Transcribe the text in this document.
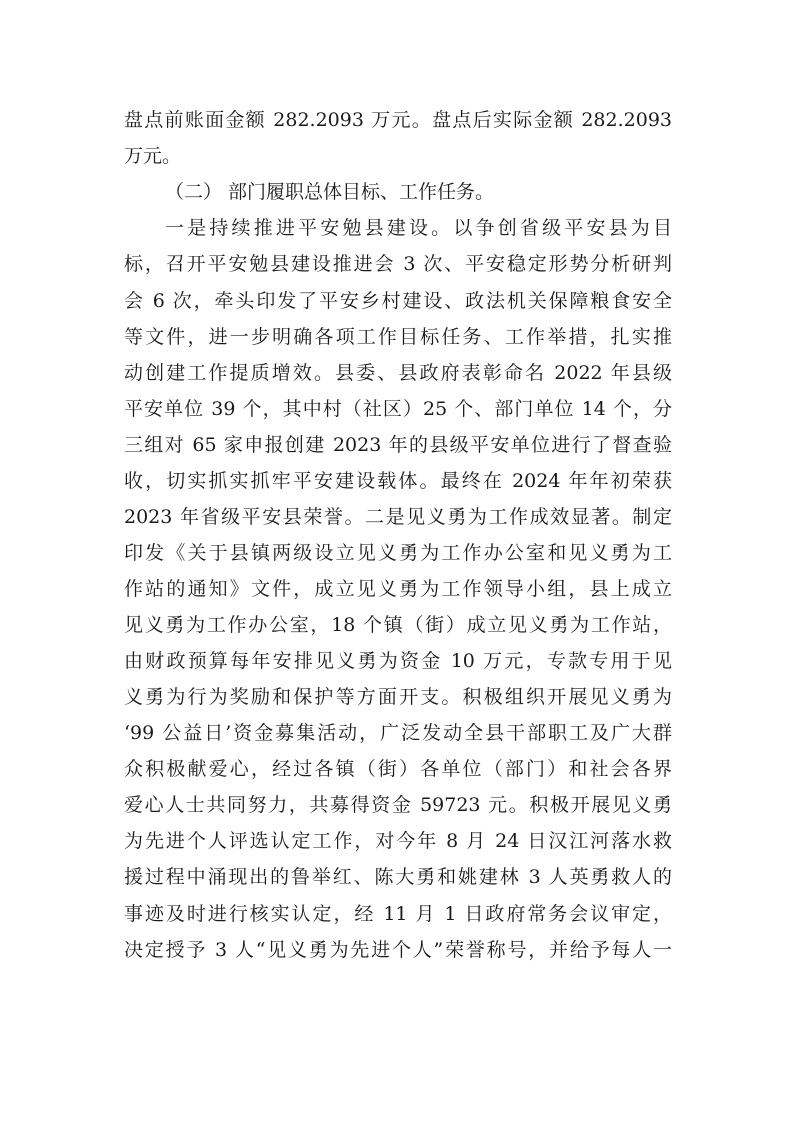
盘点前账面金额 282.2093 万元。盘点后实际金额 282.2093
万元。
（二） 部门履职总体目标、工作任务。
一是持续推进平安勉县建设。以争创省级平安县为目
标，召开平安勉县建设推进会 3 次、平安稳定形势分析研判
会 6 次，牵头印发了平安乡村建设、政法机关保障粮食安全
等文件，进一步明确各项工作目标任务、工作举措，扎实推
动创建工作提质增效。县委、县政府表彰命名 2022 年县级
平安单位 39 个，其中村（社区）25 个、部门单位 14 个，分
三组对 65 家申报创建 2023 年的县级平安单位进行了督查验
收，切实抓实抓牢平安建设载体。最终在 2024 年年初荣获
2023 年省级平安县荣誉。二是见义勇为工作成效显著。制定
印发《关于县镇两级设立见义勇为工作办公室和见义勇为工
作站的通知》文件，成立见义勇为工作领导小组，县上成立
见义勇为工作办公室，18 个镇（街）成立见义勇为工作站，
由财政预算每年安排见义勇为资金 10 万元，专款专用于见
义勇为行为奖励和保护等方面开支。积极组织开展见义勇为
‘99 公益日’资金募集活动，广泛发动全县干部职工及广大群
众积极献爱心，经过各镇（街）各单位（部门）和社会各界
爱心人士共同努力，共募得资金 59723 元。积极开展见义勇
为先进个人评选认定工作，对今年 8 月 24 日汉江河落水救
援过程中涌现出的鲁举红、陈大勇和姚建林 3 人英勇救人的
事迹及时进行核实认定，经 11 月 1 日政府常务会议审定，
决定授予 3 人“见义勇为先进个人”荣誉称号，并给予每人一
